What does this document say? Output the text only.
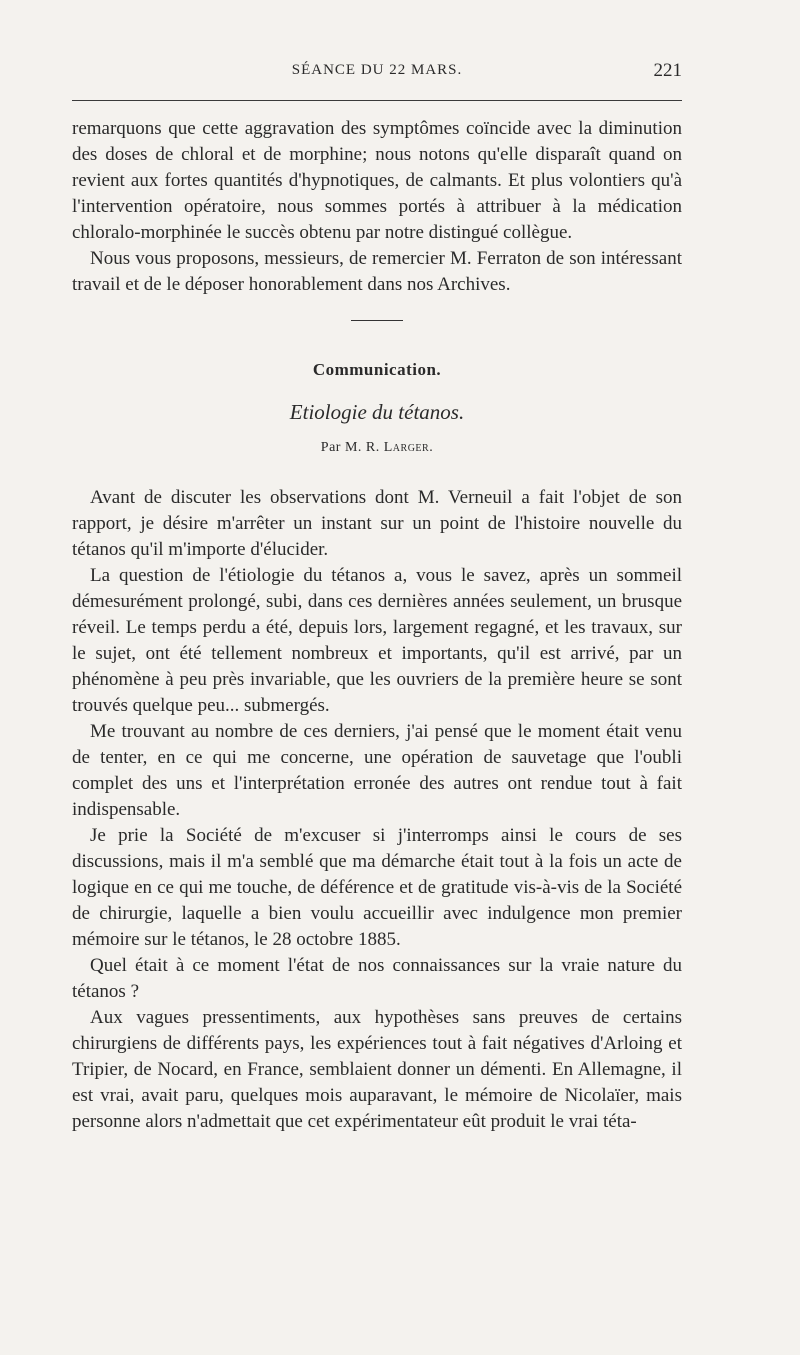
SÉANCE DU 22 MARS.	221

remarquons que cette aggravation des symptômes coïncide avec la diminution des doses de chloral et de morphine; nous notons qu'elle disparaît quand on revient aux fortes quantités d'hypnotiques, de calmants. Et plus volontiers qu'à l'intervention opératoire, nous sommes portés à attribuer à la médication chloralo-morphinée le succès obtenu par notre distingué collègue.

Nous vous proposons, messieurs, de remercier M. Ferraton de son intéressant travail et de le déposer honorablement dans nos Archives.

Communication.
Etiologie du tétanos.
Par M. R. Larger.

Avant de discuter les observations dont M. Verneuil a fait l'objet de son rapport, je désire m'arrêter un instant sur un point de l'histoire nouvelle du tétanos qu'il m'importe d'élucider.

La question de l'étiologie du tétanos a, vous le savez, après un sommeil démesurément prolongé, subi, dans ces dernières années seulement, un brusque réveil. Le temps perdu a été, depuis lors, largement regagné, et les travaux, sur le sujet, ont été tellement nombreux et importants, qu'il est arrivé, par un phénomène à peu près invariable, que les ouvriers de la première heure se sont trouvés quelque peu... submergés.

Me trouvant au nombre de ces derniers, j'ai pensé que le moment était venu de tenter, en ce qui me concerne, une opération de sauvetage que l'oubli complet des uns et l'interprétation erronée des autres ont rendue tout à fait indispensable.

Je prie la Société de m'excuser si j'interromps ainsi le cours de ses discussions, mais il m'a semblé que ma démarche était tout à la fois un acte de logique en ce qui me touche, de déférence et de gratitude vis-à-vis de la Société de chirurgie, laquelle a bien voulu accueillir avec indulgence mon premier mémoire sur le tétanos, le 28 octobre 1885.

Quel était à ce moment l'état de nos connaissances sur la vraie nature du tétanos ?

Aux vagues pressentiments, aux hypothèses sans preuves de certains chirurgiens de différents pays, les expériences tout à fait négatives d'Arloing et Tripier, de Nocard, en France, semblaient donner un démenti. En Allemagne, il est vrai, avait paru, quelques mois auparavant, le mémoire de Nicolaïer, mais personne alors n'admettait que cet expérimentateur eût produit le vrai téta-
